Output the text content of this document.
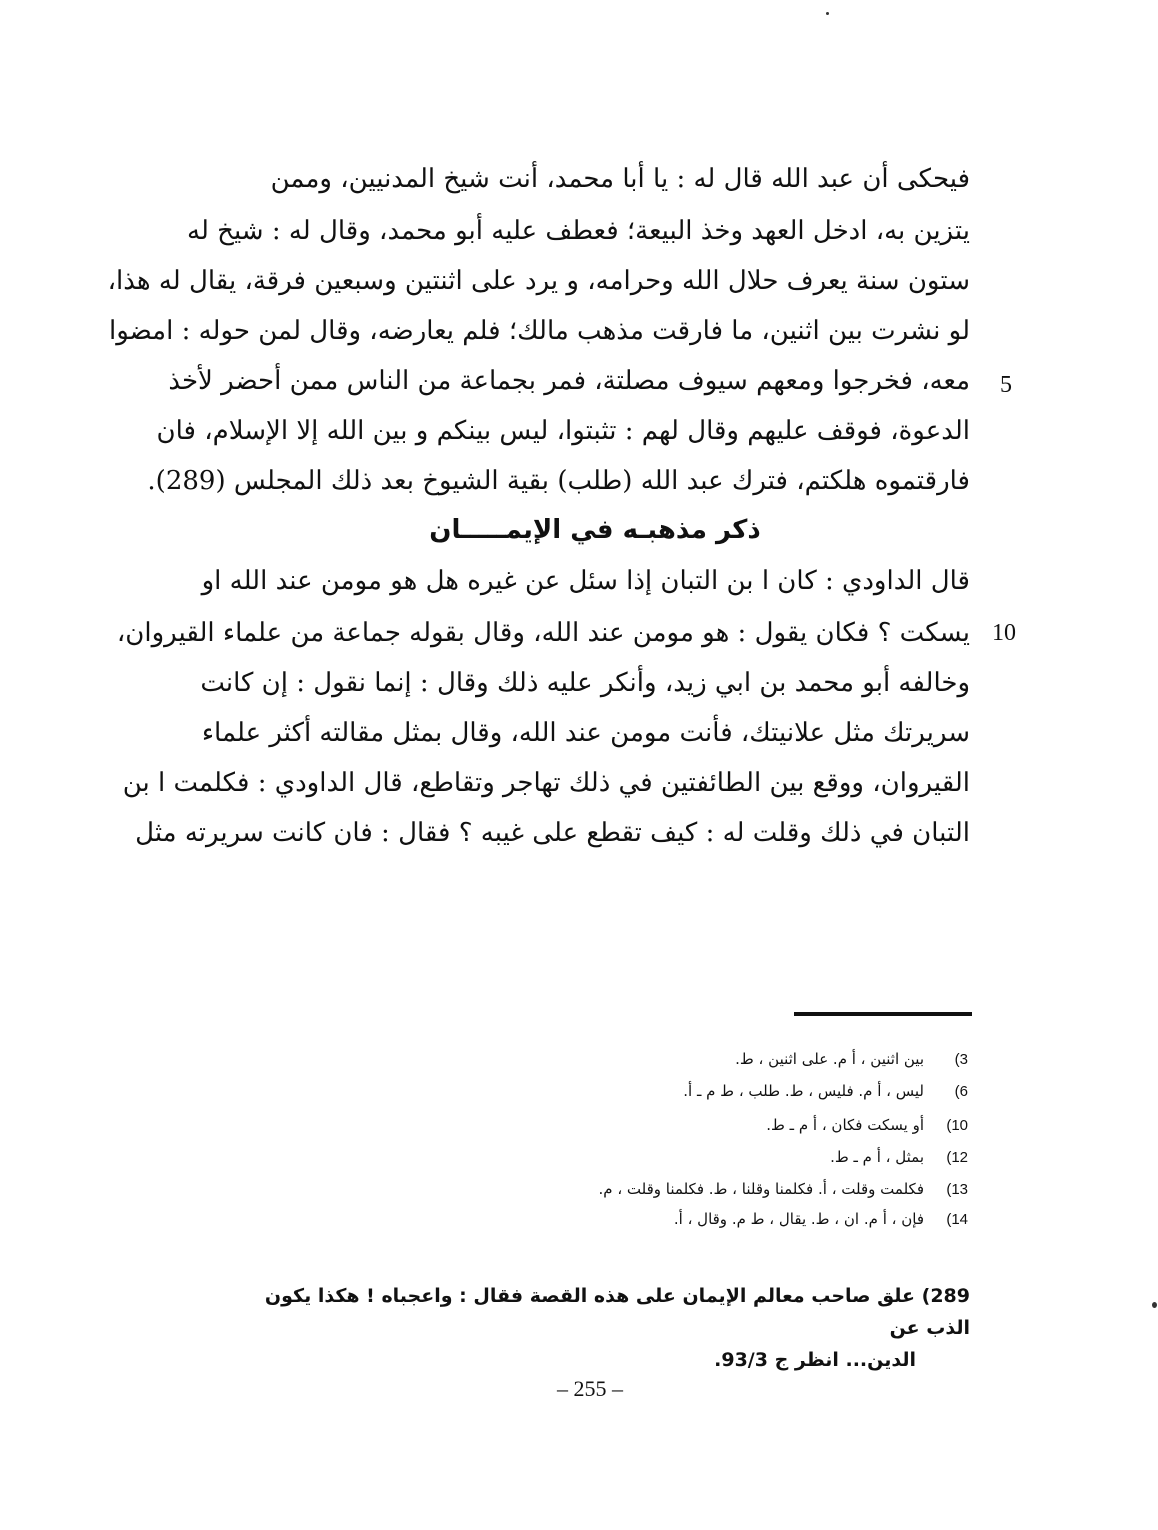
فيحكى أن عبد الله قال له : يا أبا محمد، أنت شيخ المدنيين، وممن
يتزين به، ادخل العهد وخذ البيعة؛ فعطف عليه أبو محمد، وقال له : شيخ له
ستون سنة يعرف حلال الله وحرامه، و يرد على اثنتين وسبعين فرقة، يقال له هذا،
لو نشرت بين اثنين، ما فارقت مذهب مالك؛ فلم يعارضه، وقال لمن حوله : امضوا
معه، فخرجوا ومعهم سيوف مصلتة، فمر بجماعة من الناس ممن أحضر لأخذ
الدعوة، فوقف عليهم وقال لهم : تثبتوا، ليس بينكم و بين الله إلا الإسلام، فان
فارقتموه هلكتم، فترك عبد الله (طلب) بقية الشيوخ بعد ذلك المجلس (289).
5
ذكر مذهبـه في الإيمـــــان
قال الداودي : كان ا بن التبان إذا سئل عن غيره هل هو مومن عند الله او
يسكت ؟ فكان يقول : هو مومن عند الله، وقال بقوله جماعة من علماء القيروان،
وخالفه أبو محمد بن ابي زيد، وأنكر عليه ذلك وقال : إنما نقول : إن كانت
سريرتك مثل علانيتك، فأنت مومن عند الله، وقال بمثل مقالته أكثر علماء
القيروان، ووقع بين الطائفتين في ذلك تهاجر وتقاطع، قال الداودي : فكلمت ا بن
التبان في ذلك وقلت له : كيف تقطع على غيبه ؟ فقال : فان كانت سريرته مثل
10
3)بين اثنين ، أ م. على اثنين ، ط.
6)ليس ، أ م. فليس ، ط. طلب ، ط م ـ أ.
10)أو يسكت فكان ، أ م ـ ط.
12)بمثل ، أ م ـ ط.
13)فكلمت وقلت ، أ. فكلمنا وقلنا ، ط. فكلمنا وقلت ، م.
14)فإن ، أ م. ان ، ط. يقال ، ط م. وقال ، أ.
289) علق صاحب معالم الإيمان على هذه القصة فقال : واعجباه ! هكذا يكون الذب عن
الدين... انظر ج 93/3.
– 255 –
